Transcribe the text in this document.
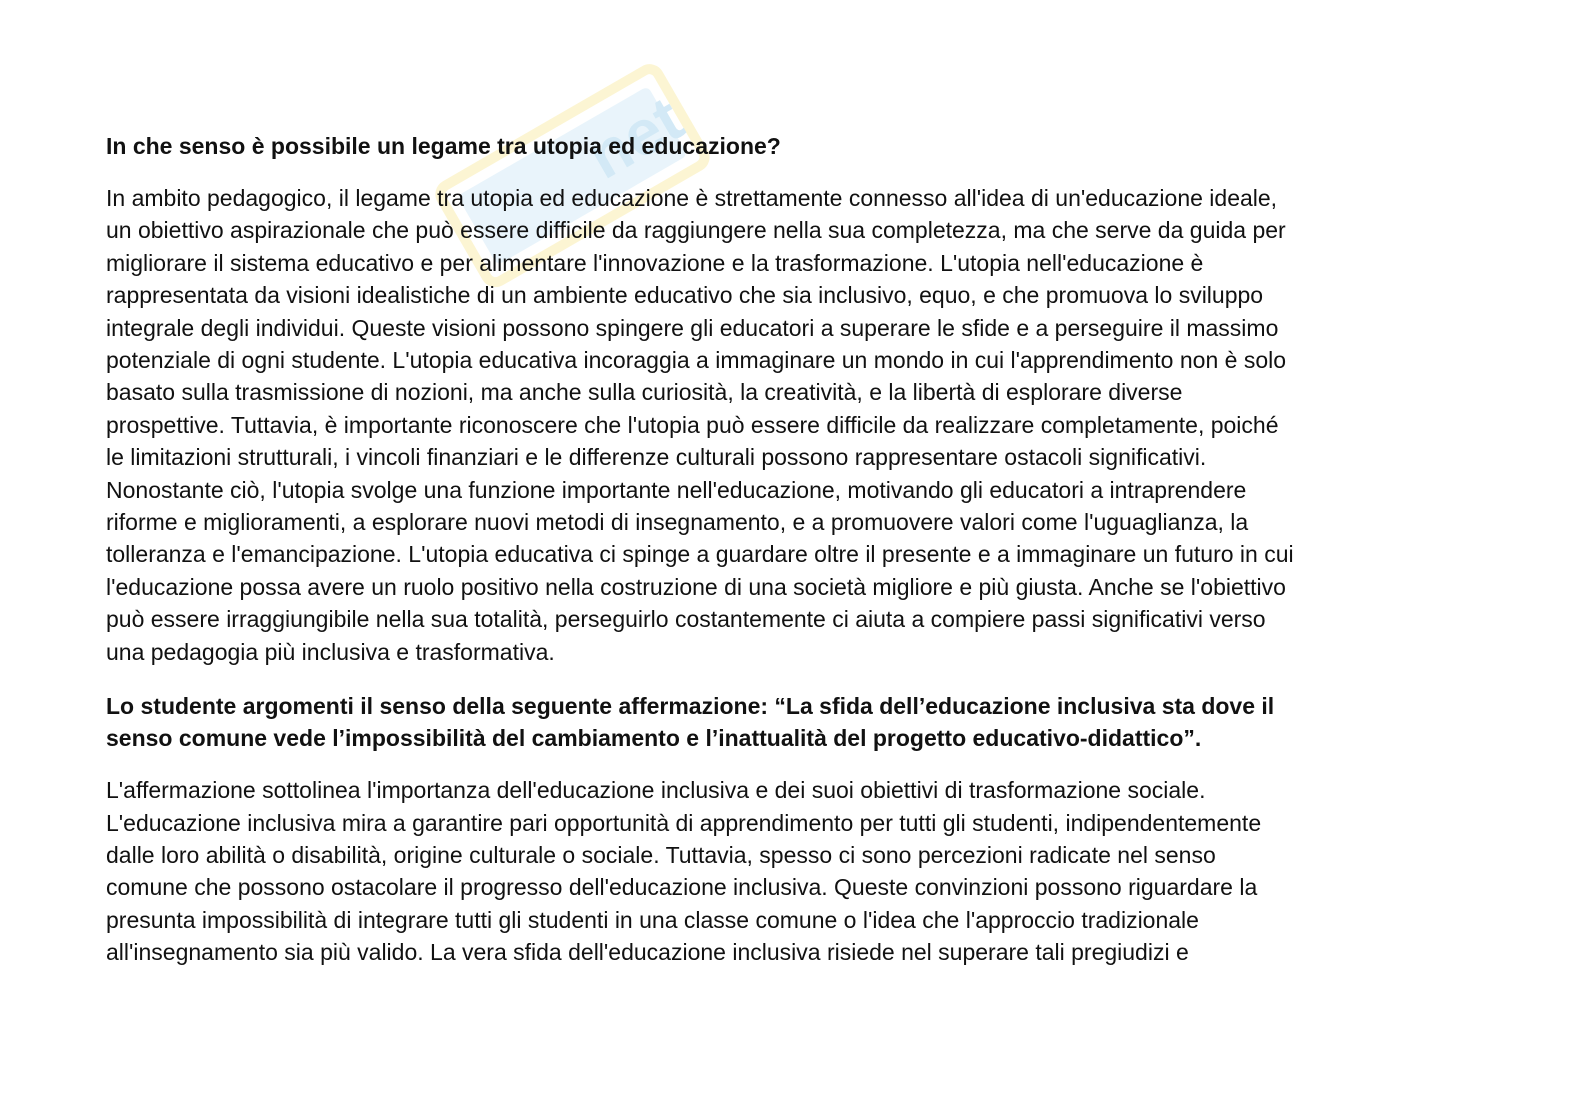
net
In che senso è possibile un legame tra utopia ed educazione?
In ambito pedagogico, il legame tra utopia ed educazione è strettamente connesso all'idea di un'educazione ideale,
un obiettivo aspirazionale che può essere difficile da raggiungere nella sua completezza, ma che serve da guida per
migliorare il sistema educativo e per alimentare l'innovazione e la trasformazione. L'utopia nell'educazione è
rappresentata da visioni idealistiche di un ambiente educativo che sia inclusivo, equo, e che promuova lo sviluppo
integrale degli individui. Queste visioni possono spingere gli educatori a superare le sfide e a perseguire il massimo
potenziale di ogni studente. L'utopia educativa incoraggia a immaginare un mondo in cui l'apprendimento non è solo
basato sulla trasmissione di nozioni, ma anche sulla curiosità, la creatività, e la libertà di esplorare diverse
prospettive. Tuttavia, è importante riconoscere che l'utopia può essere difficile da realizzare completamente, poiché
le limitazioni strutturali, i vincoli finanziari e le differenze culturali possono rappresentare ostacoli significativi.
Nonostante ciò, l'utopia svolge una funzione importante nell'educazione, motivando gli educatori a intraprendere
riforme e miglioramenti, a esplorare nuovi metodi di insegnamento, e a promuovere valori come l'uguaglianza, la
tolleranza e l'emancipazione. L'utopia educativa ci spinge a guardare oltre il presente e a immaginare un futuro in cui
l'educazione possa avere un ruolo positivo nella costruzione di una società migliore e più giusta. Anche se l'obiettivo
può essere irraggiungibile nella sua totalità, perseguirlo costantemente ci aiuta a compiere passi significativi verso
una pedagogia più inclusiva e trasformativa.
Lo studente argomenti il senso della seguente affermazione: “La sfida dell’educazione inclusiva sta dove il
senso comune vede l’impossibilità del cambiamento e l’inattualità del progetto educativo-didattico”.
L'affermazione sottolinea l'importanza dell'educazione inclusiva e dei suoi obiettivi di trasformazione sociale.
L'educazione inclusiva mira a garantire pari opportunità di apprendimento per tutti gli studenti, indipendentemente
dalle loro abilità o disabilità, origine culturale o sociale. Tuttavia, spesso ci sono percezioni radicate nel senso
comune che possono ostacolare il progresso dell'educazione inclusiva. Queste convinzioni possono riguardare la
presunta impossibilità di integrare tutti gli studenti in una classe comune o l'idea che l'approccio tradizionale
all'insegnamento sia più valido. La vera sfida dell'educazione inclusiva risiede nel superare tali pregiudizi e
